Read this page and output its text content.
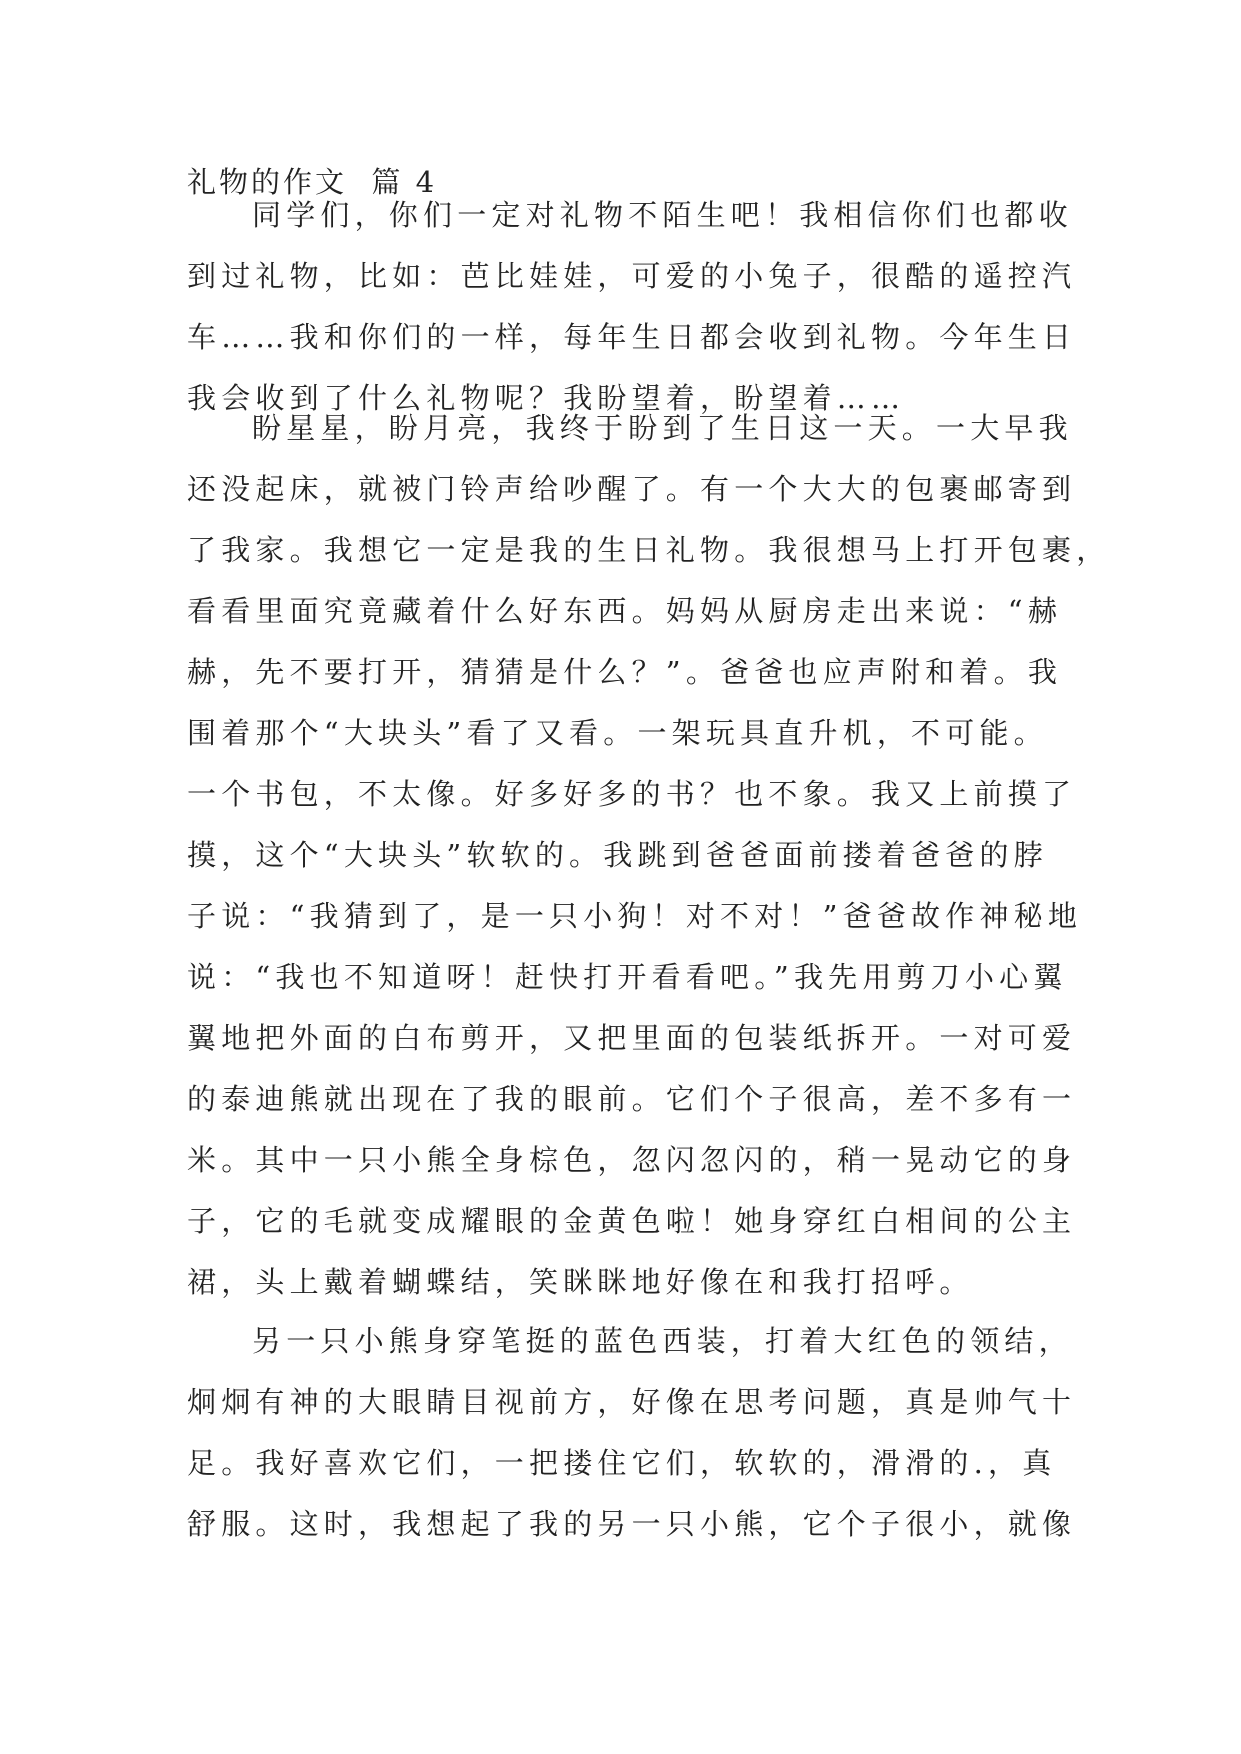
礼物的作文  篇 4
同学们，你们一定对礼物不陌生吧！我相信你们也都收
到过礼物，比如：芭比娃娃，可爱的小兔子，很酷的遥控汽
车……我和你们的一样，每年生日都会收到礼物。今年生日
我会收到了什么礼物呢？我盼望着，盼望着……
盼星星，盼月亮，我终于盼到了生日这一天。一大早我
还没起床，就被门铃声给吵醒了。有一个大大的包裹邮寄到
了我家。我想它一定是我的生日礼物。我很想马上打开包裹，
看看里面究竟藏着什么好东西。妈妈从厨房走出来说：“赫
赫，先不要打开，猜猜是什么？”。爸爸也应声附和着。我
围着那个“大块头”看了又看。一架玩具直升机，不可能。
一个书包，不太像。好多好多的书？也不象。我又上前摸了
摸，这个“大块头”软软的。我跳到爸爸面前搂着爸爸的脖
子说：“我猜到了，是一只小狗！对不对！”爸爸故作神秘地
说：“我也不知道呀！赶快打开看看吧。”我先用剪刀小心翼
翼地把外面的白布剪开，又把里面的包装纸拆开。一对可爱
的泰迪熊就出现在了我的眼前。它们个子很高，差不多有一
米。其中一只小熊全身棕色，忽闪忽闪的，稍一晃动它的身
子，它的毛就变成耀眼的金黄色啦！她身穿红白相间的公主
裙，头上戴着蝴蝶结，笑眯眯地好像在和我打招呼。
另一只小熊身穿笔挺的蓝色西装，打着大红色的领结，
炯炯有神的大眼睛目视前方，好像在思考问题，真是帅气十
足。我好喜欢它们，一把搂住它们，软软的，滑滑的.，真
舒服。这时，我想起了我的另一只小熊，它个子很小，就像
